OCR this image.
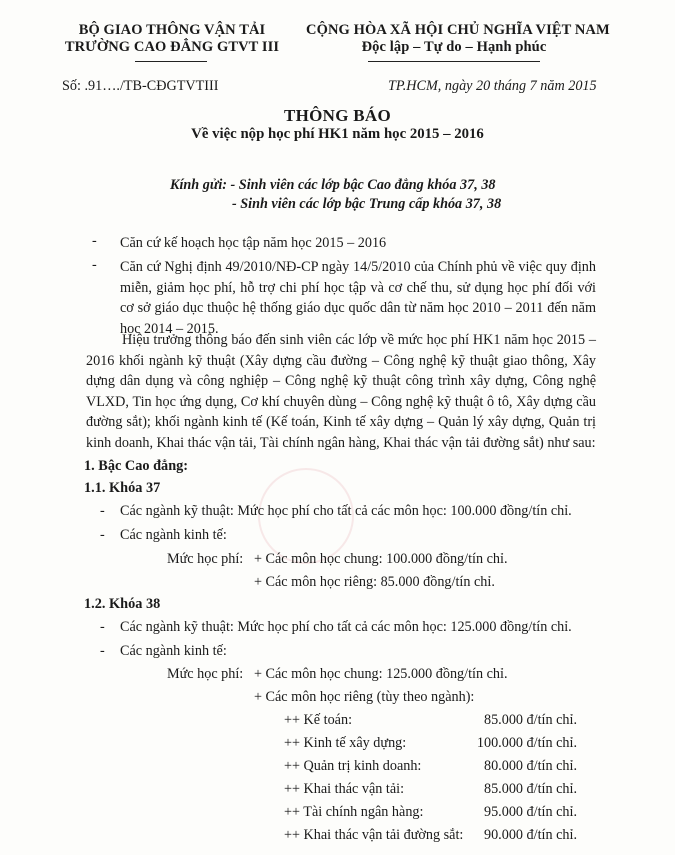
BỘ GIAO THÔNG VẬN TẢI
TRƯỜNG CAO ĐẲNG GTVT III
CỘNG HÒA XÃ HỘI CHỦ NGHĨA VIỆT NAM
Độc lập – Tự do – Hạnh phúc
Số: .91…./TB-CĐGTVTIII	TP.HCM, ngày 20 tháng 7 năm 2015
THÔNG BÁO
Về việc nộp học phí HK1 năm học 2015 – 2016
Kính gửi: - Sinh viên các lớp bậc Cao đẳng khóa 37, 38
- Sinh viên các lớp bậc Trung cấp khóa 37, 38
- Căn cứ kế hoạch học tập năm học 2015 – 2016
- Căn cứ Nghị định 49/2010/NĐ-CP ngày 14/5/2010 của Chính phủ về việc quy định miễn, giảm học phí, hỗ trợ chi phí học tập và cơ chế thu, sử dụng học phí đối với cơ sở giáo dục thuộc hệ thống giáo dục quốc dân từ năm học 2010 – 2011 đến năm học 2014 – 2015.
Hiệu trưởng thông báo đến sinh viên các lớp về mức học phí HK1 năm học 2015 – 2016 khối ngành kỹ thuật (Xây dựng cầu đường – Công nghệ kỹ thuật giao thông, Xây dựng dân dụng và công nghiệp – Công nghệ kỹ thuật công trình xây dựng, Công nghệ VLXD, Tin học ứng dụng, Cơ khí chuyên dùng – Công nghệ kỹ thuật ô tô, Xây dựng cầu đường sắt); khối ngành kinh tế (Kế toán, Kinh tế xây dựng – Quản lý xây dựng, Quản trị kinh doanh, Khai thác vận tải, Tài chính ngân hàng, Khai thác vận tải đường sắt) như sau:
1. Bậc Cao đẳng:
1.1. Khóa 37
- Các ngành kỹ thuật: Mức học phí cho tất cả các môn học: 100.000 đồng/tín chỉ.
- Các ngành kinh tế:
Mức học phí: + Các môn học chung: 100.000 đồng/tín chỉ.
+ Các môn học riêng: 85.000 đồng/tín chỉ.
1.2. Khóa 38
- Các ngành kỹ thuật: Mức học phí cho tất cả các môn học: 125.000 đồng/tín chỉ.
- Các ngành kinh tế:
Mức học phí: + Các môn học chung: 125.000 đồng/tín chỉ.
+ Các môn học riêng (tùy theo ngành):
++ Kế toán:	85.000 đ/tín chỉ.
++ Kinh tế xây dựng:	100.000 đ/tín chỉ.
++ Quản trị kinh doanh:	80.000 đ/tín chỉ.
++ Khai thác vận tải:	85.000 đ/tín chỉ.
++ Tài chính ngân hàng:	95.000 đ/tín chỉ.
++ Khai thác vận tải đường sắt:	90.000 đ/tín chỉ.
